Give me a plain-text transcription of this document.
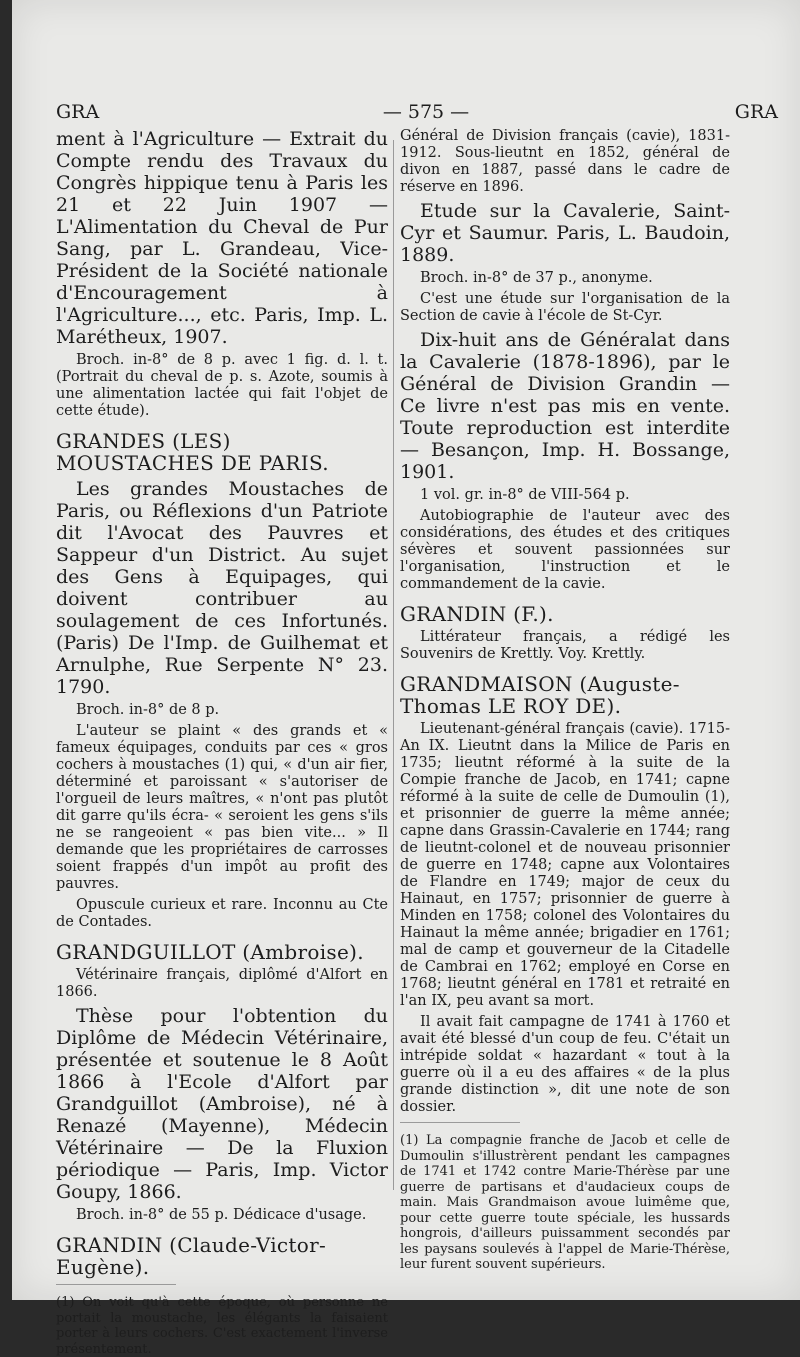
GRA	— 575 —	GRA

ment à l'Agriculture — Extrait du Compte rendu des Travaux du Congrès hippique tenu à Paris les 21 et 22 Juin 1907 — L'Alimentation du Cheval de Pur Sang, par L. Grandeau, Vice-Président de la Société nationale d'Encouragement à l'Agriculture..., etc. Paris, Imp. L. Marétheux, 1907.

Broch. in-8° de 8 p. avec 1 fig. d. l. t. (Portrait du cheval de p. s. Azote, soumis à une alimentation lactée qui fait l'objet de cette étude).

GRANDES (LES) MOUSTACHES DE PARIS.

Les grandes Moustaches de Paris, ou Réflexions d'un Patriote dit l'Avocat des Pauvres et Sappeur d'un District. Au sujet des Gens à Equipages, qui doivent contribuer au soulagement de ces Infortunés. (Paris) De l'Imp. de Guilhemat et Arnulphe, Rue Serpente N° 23. 1790.

Broch. in-8° de 8 p.

L'auteur se plaint « des grands et « fameux équipages, conduits par ces « gros cochers à moustaches (1) qui, « d'un air fier, déterminé et paroissant « s'autoriser de l'orgueil de leurs maîtres, « n'ont pas plutôt dit garre qu'ils écra- « seroient les gens s'ils ne se rangeoient « pas bien vite... » Il demande que les propriétaires de carrosses soient frappés d'un impôt au profit des pauvres.

Opuscule curieux et rare. Inconnu au Cte de Contades.

GRANDGUILLOT (Ambroise).

Vétérinaire français, diplômé d'Alfort en 1866.

Thèse pour l'obtention du Diplôme de Médecin Vétérinaire, présentée et soutenue le 8 Août 1866 à l'Ecole d'Alfort par Grandguillot (Ambroise), né à Renazé (Mayenne), Médecin Vétérinaire — De la Fluxion périodique — Paris, Imp. Victor Goupy, 1866.

Broch. in-8° de 55 p. Dédicace d'usage.

GRANDIN (Claude-Victor-Eugène).

(1) On voit qu'à cette époque, où personne ne portait la moustache, les élégants la faisaient porter à leurs cochers. C'est exactement l'inverse présentement.

Général de Division français (cavie), 1831-1912. Sous-lieutnt en 1852, général de divon en 1887, passé dans le cadre de réserve en 1896.

Etude sur la Cavalerie, Saint-Cyr et Saumur. Paris, L. Baudoin, 1889.

Broch. in-8° de 37 p., anonyme.

C'est une étude sur l'organisation de la Section de cavie à l'école de St-Cyr.

Dix-huit ans de Généralat dans la Cavalerie (1878-1896), par le Général de Division Grandin — Ce livre n'est pas mis en vente. Toute reproduction est interdite — Besançon, Imp. H. Bossange, 1901.

1 vol. gr. in-8° de VIII-564 p.

Autobiographie de l'auteur avec des considérations, des études et des critiques sévères et souvent passionnées sur l'organisation, l'instruction et le commandement de la cavie.

GRANDIN (F.).

Littérateur français, a rédigé les Souvenirs de Krettly. Voy. Krettly.

GRANDMAISON (Auguste-Thomas LE ROY DE).

Lieutenant-général français (cavie). 1715-An IX. Lieutnt dans la Milice de Paris en 1735; lieutnt réformé à la suite de la Compie franche de Jacob, en 1741; capne réformé à la suite de celle de Dumoulin (1), et prisonnier de guerre la même année; capne dans Grassin-Cavalerie en 1744; rang de lieutnt-colonel et de nouveau prisonnier de guerre en 1748; capne aux Volontaires de Flandre en 1749; major de ceux du Hainaut, en 1757; prisonnier de guerre à Minden en 1758; colonel des Volontaires du Hainaut la même année; brigadier en 1761; mal de camp et gouverneur de la Citadelle de Cambrai en 1762; employé en Corse en 1768; lieutnt général en 1781 et retraité en l'an IX, peu avant sa mort.

Il avait fait campagne de 1741 à 1760 et avait été blessé d'un coup de feu. C'était un intrépide soldat « hazardant « tout à la guerre où il a eu des affaires « de la plus grande distinction », dit une note de son dossier.

(1) La compagnie franche de Jacob et celle de Dumoulin s'illustrèrent pendant les campagnes de 1741 et 1742 contre Marie-Thérèse par une guerre de partisans et d'audacieux coups de main. Mais Grandmaison avoue luimême que, pour cette guerre toute spéciale, les hussards hongrois, d'ailleurs puissamment secondés par les paysans soulevés à l'appel de Marie-Thérèse, leur furent souvent supérieurs.
